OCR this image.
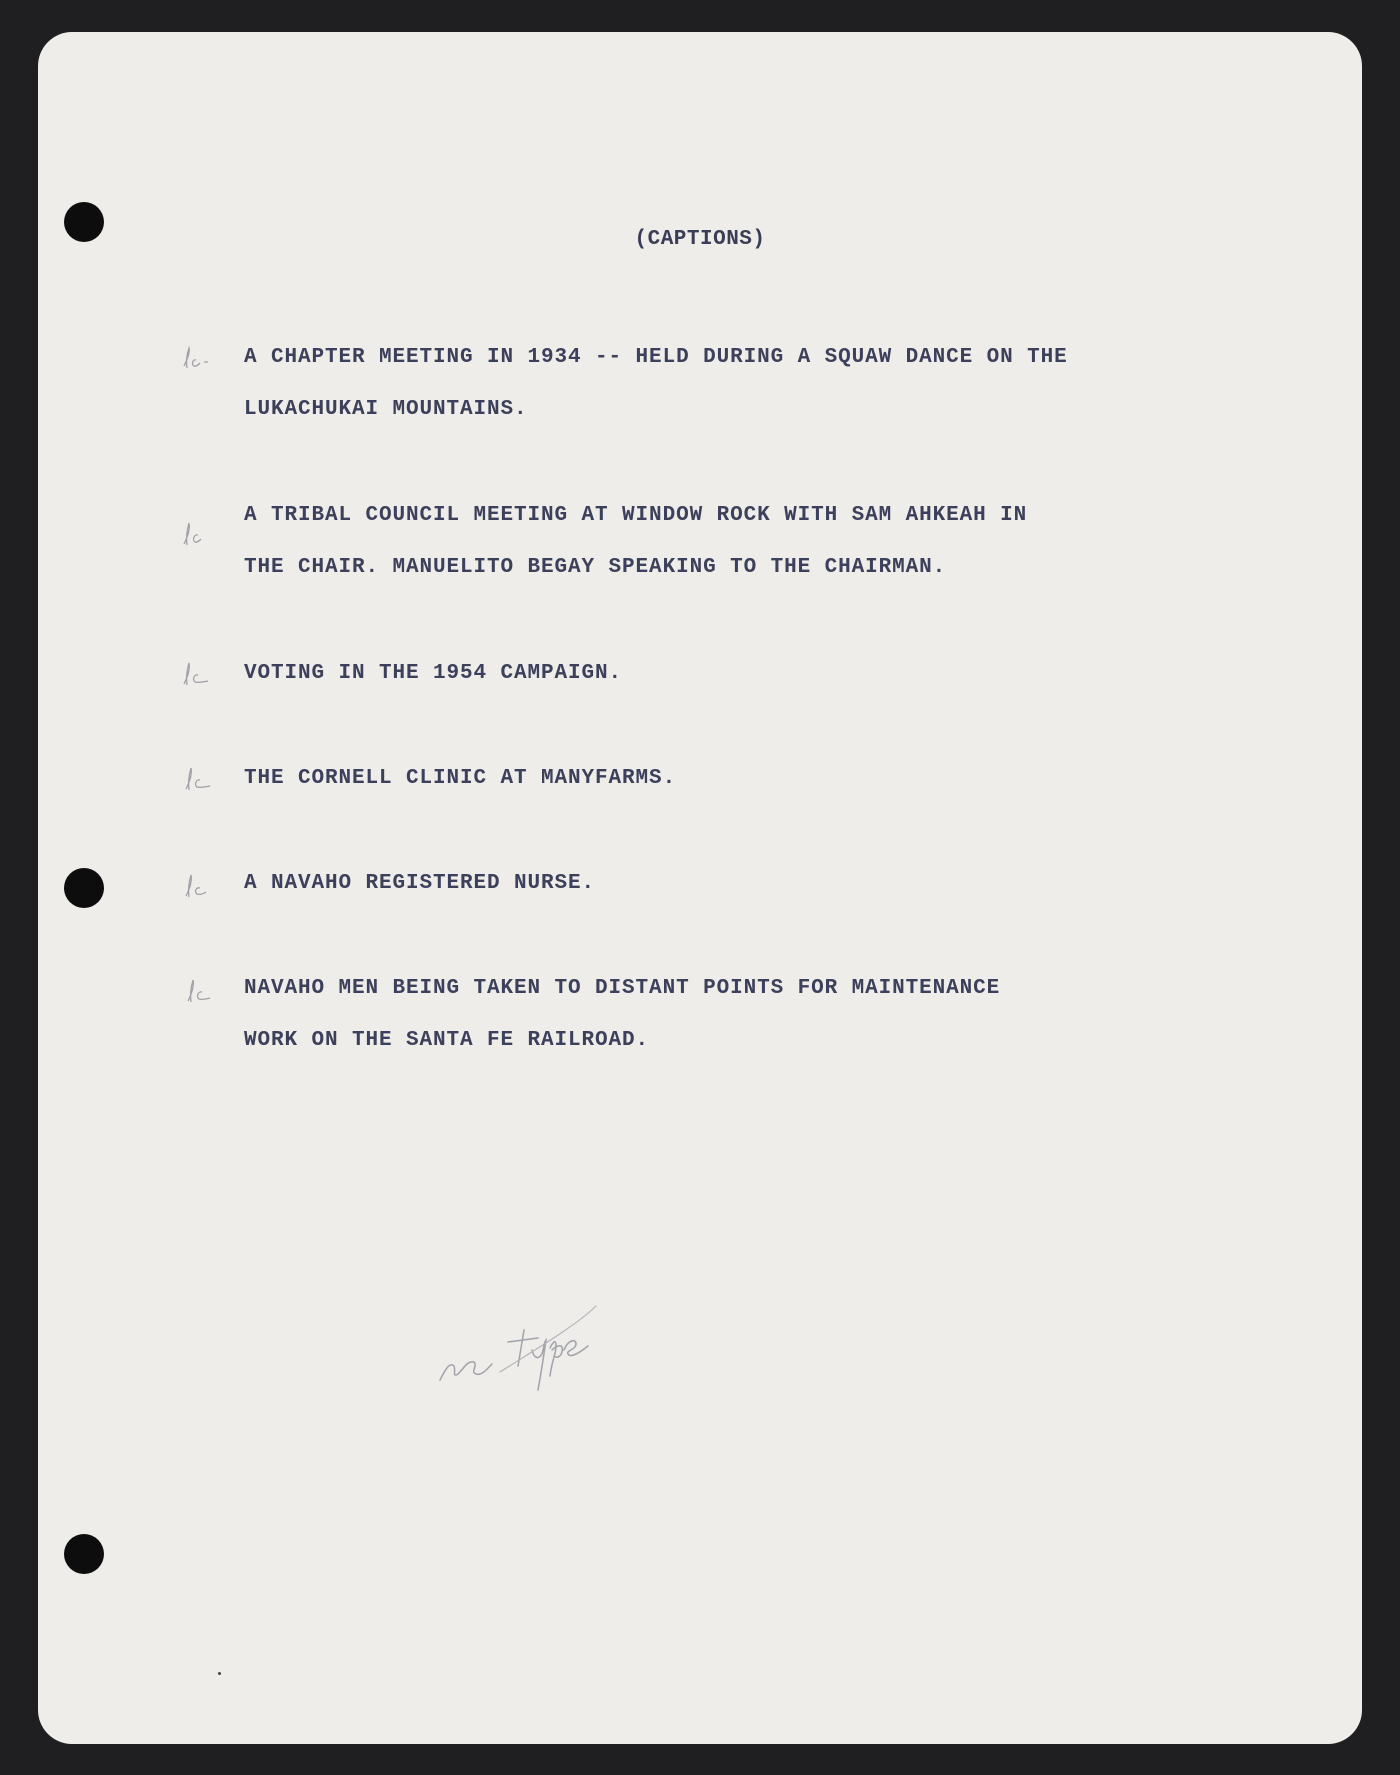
(CAPTIONS)
A CHAPTER MEETING IN 1934 -- HELD DURING A SQUAW DANCE ON THE
LUKACHUKAI MOUNTAINS.
A TRIBAL COUNCIL MEETING AT WINDOW ROCK WITH SAM AHKEAH IN
THE CHAIR. MANUELITO BEGAY SPEAKING TO THE CHAIRMAN.
VOTING IN THE 1954 CAMPAIGN.
THE CORNELL CLINIC AT MANYFARMS.
A NAVAHO REGISTERED NURSE.
NAVAHO MEN BEING TAKEN TO DISTANT POINTS FOR MAINTENANCE
WORK ON THE SANTA FE RAILROAD.
